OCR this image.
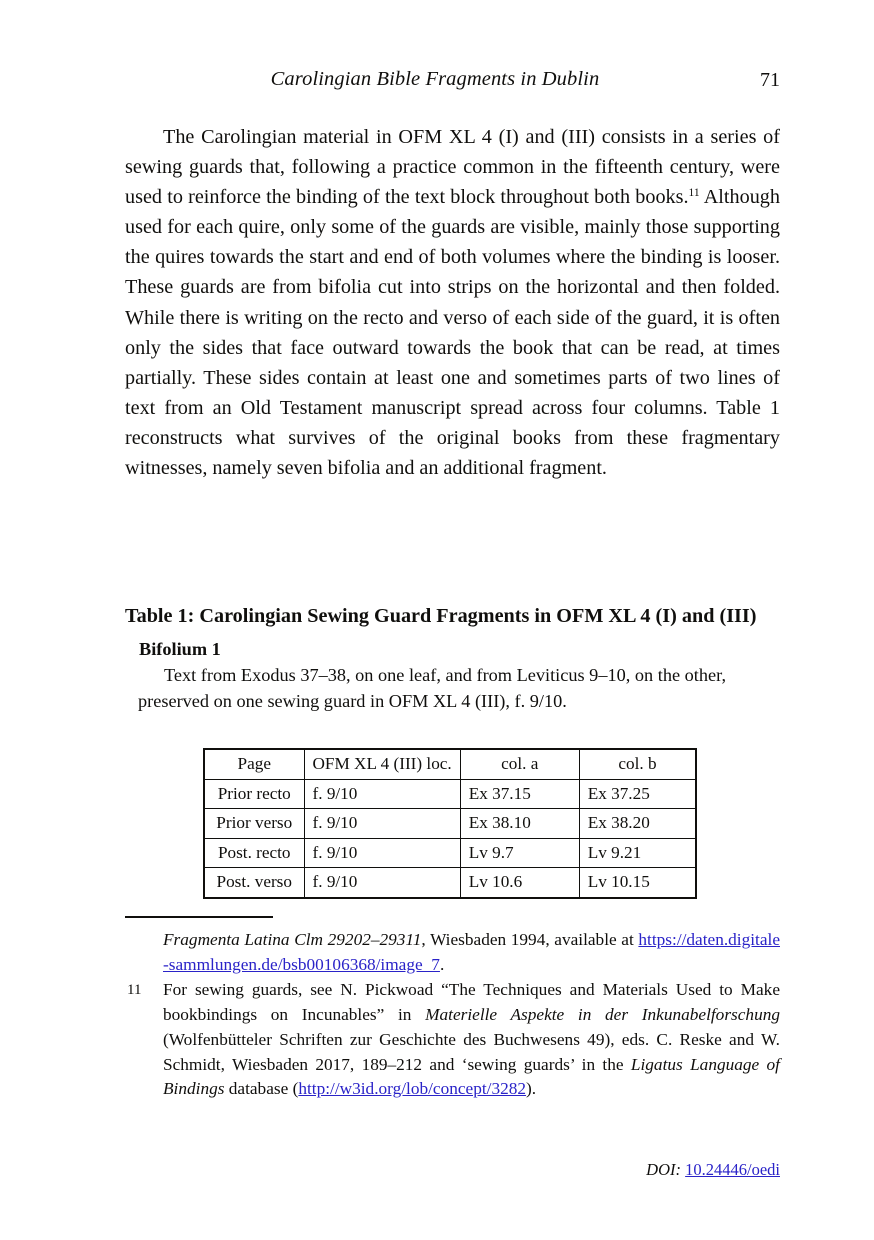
Carolingian Bible Fragments in Dublin	71

The Carolingian material in OFM XL 4 (I) and (III) consists in a series of sewing guards that, following a practice common in the fifteenth century, were used to reinforce the binding of the text block throughout both books.$^{11}$ Although used for each quire, only some of the guards are visible, mainly those supporting the quires towards the start and end of both volumes where the binding is looser. These guards are from bifolia cut into strips on the horizontal and then folded. While there is writing on the recto and verso of each side of the guard, it is often only the sides that face outward towards the book that can be read, at times partially. These sides contain at least one and sometimes parts of two lines of text from an Old Testament manuscript spread across four columns. Table 1 reconstructs what survives of the original books from these fragmentary witnesses, namely seven bifolia and an additional fragment.

Table 1: Carolingian Sewing Guard Fragments in OFM XL 4 (I) and (III)

Bifolium 1

Text from Exodus 37–38, on one leaf, and from Leviticus 9–10, on the other, preserved on one sewing guard in OFM XL 4 (III), f. 9/10.

Page	OFM XL 4 (III) loc.	col. a	col. b
Prior recto	f. 9/10	Ex 37.15	Ex 37.25
Prior verso	f. 9/10	Ex 38.10	Ex 38.20
Post. recto	f. 9/10	Lv 9.7	Lv 9.21
Post. verso	f. 9/10	Lv 10.6	Lv 10.15

Fragmenta Latina Clm 29202–29311, Wiesbaden 1994, available at https://daten.digitale-sammlungen.de/bsb00106368/image_7.

11 For sewing guards, see N. Pickwoad “The Techniques and Materials Used to Make bookbindings on Incunables” in Materielle Aspekte in der Inkunabelforschung (Wolfenbütteler Schriften zur Geschichte des Buchwesens 49), eds. C. Reske and W. Schmidt, Wiesbaden 2017, 189–212 and ‘sewing guards’ in the Ligatus Language of Bindings database (http://w3id.org/lob/concept/3282).

DOI: 10.24446/oedi
